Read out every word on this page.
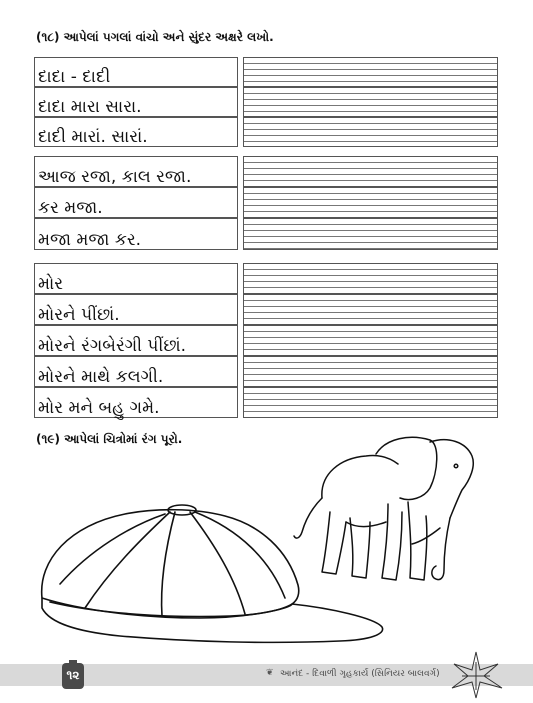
(૧૮) આપેલાં પગલાં વાંચો અને સુંદર અક્ષરે લખો.
દાદા - દાદી
દાદા મારા સારા.
દાદી મારાં. સારાં.
આજ રજા, કાલ રજા.
કર મજા.
મજા મજા કર.
મોર
મોરને પીંછાં.
મોરને રંગબેરંગી પીંછાં.
મોરને માથે કલગી.
મોર મને બહુ ગમે.
(૧૯) આપેલાં ચિત્રોમાં રંગ પૂરો.
૧૨	❦ આનંદ - દિવાળી ગૃહકાર્ય (સિનિયર બાલવર્ગ)
